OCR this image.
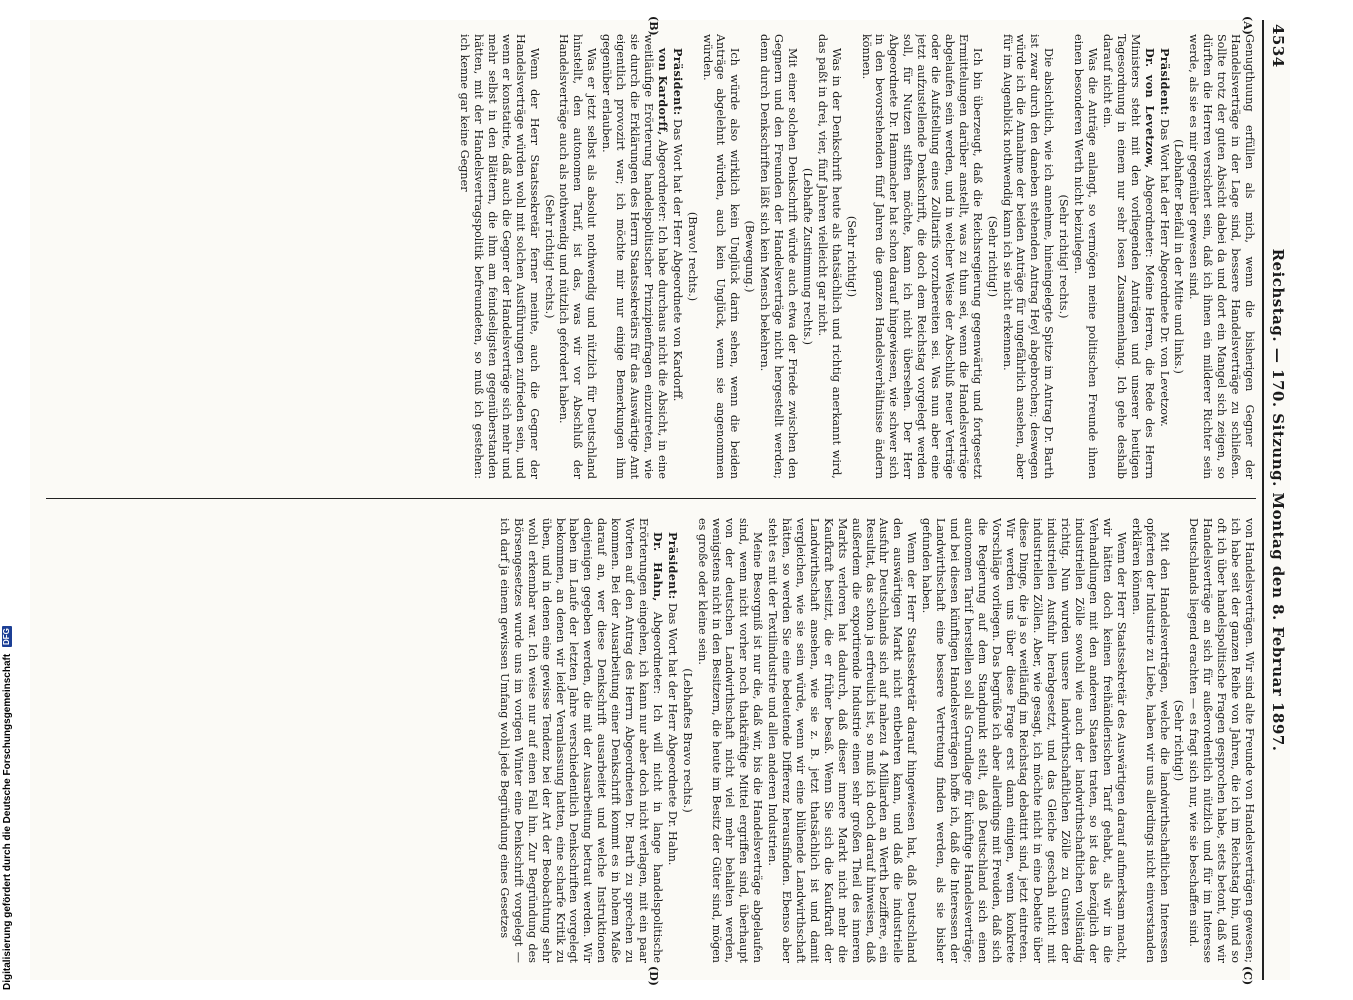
4534
Reichstag. — 170. Sitzung. Montag den 8. Februar 1897.
(A)
(B)
(C)
(D)

Genugthuung erfüllen als mich, wenn die bisherigen Gegner der Handelsverträge in der Lage sind, bessere Handelsverträge zu schließen. Sollte trotz der guten Absicht dabei da und dort ein Mangel sich zeigen, so dürften die Herren versichert sein, daß ich ihnen ein milderer Richter sein werde, als sie es mir gegenüber gewesen sind.

(Lebhafter Beifall in der Mitte und links.)

Präsident: Das Wort hat der Herr Abgeordnete Dr. von Levetzow.

Dr. von Levetzow, Abgeordneter: Meine Herren, die Rede des Herrn Ministers steht mit den vorliegenden Anträgen und unserer heutigen Tagesordnung in einem nur sehr losen Zusammenhang. Ich gehe deshalb darauf nicht ein.

Was die Anträge anlangt, so vermögen meine politischen Freunde ihnen einen besonderen Werth nicht beizulegen.

(Sehr richtig! rechts.)

Die absichtlich, wie ich annehme, hineingelegte Spitze im Antrag Dr. Barth ist zwar durch den daneben stehenden Antrag Heyl abgebrochen; deswegen würde ich die Annahme der beiden Anträge für ungefährlich ansehen, aber für im Augenblick nothwendig kann ich sie nicht erkennen.

(Sehr richtig!)

Ich bin überzeugt, daß die Reichsregierung gegenwärtig und fortgesetzt Ermittelungen darüber anstellt, was zu thun sei, wenn die Handelsverträge abgelaufen sein werden, und in welcher Weise der Abschluß neuer Verträge oder die Aufstellung eines Zolltarifs vorzubereiten sei. Was nun aber eine jetzt aufzustellende Denkschrift, die doch dem Reichstag vorgelegt werden soll, für Nutzen stiften möchte, kann ich nicht übersehen. Der Herr Abgeordnete Dr. Hammacher hat schon darauf hingewiesen, wie schwer sich in den bevorstehenden fünf Jahren die ganzen Handelsverhältnisse ändern können.

(Sehr richtig!)

Was in der Denkschrift heute als thatsächlich und richtig anerkannt wird, das paßt in drei, vier, fünf Jahren vielleicht gar nicht.

(Lebhafte Zustimmung rechts.)

Mit einer solchen Denkschrift würde auch etwa der Friede zwischen den Gegnern und den Freunden der Handelsverträge nicht hergestellt werden; denn durch Denkschriften läßt sich kein Mensch bekehren.

(Bewegung.)

Ich würde also wirklich kein Unglück darin sehen, wenn die beiden Anträge abgelehnt würden, auch kein Unglück, wenn sie angenommen würden.

(Bravo! rechts.)

Präsident: Das Wort hat der Herr Abgeordnete von Kardorff.

von Kardorff, Abgeordneter: Ich habe durchaus nicht die Absicht, in eine weitläufige Erörterung handelspolitischer Prinzipienfragen einzutreten, wie sie durch die Erklärungen des Herrn Staatssekretärs für das Auswärtige Amt eigentlich provozirt war; ich möchte mir nur einige Bemerkungen ihm gegenüber erlauben.

Was er jetzt selbst als absolut nothwendig und nützlich für Deutschland hinstellt, den autonomen Tarif, ist das, was wir vor Abschluß der Handelsverträge auch als nothwendig und nützlich gefordert haben.

(Sehr richtig! rechts.)

Wenn der Herr Staatssekretär ferner meinte, auch die Gegner der Handelsverträge würden wohl mit solchen Ausführungen zufrieden sein, und wenn er konstatirte, daß auch die Gegner der Handelsverträge sich mehr und mehr selbst in den Blättern, die ihm am feindseligsten gegenüberstanden hätten, mit der Handelsvertragspolitik befreundeten, so muß ich gestehen: ich kenne gar keine Gegner

von Handelsverträgen. Wir sind alte Freunde von Handelsverträgen gewesen; ich habe seit der ganzen Reihe von Jahren, die ich im Reichstag bin, und so oft ich über handelspolitische Fragen gesprochen habe, stets betont, daß wir Handelsverträge an sich für außerordentlich nützlich und für im Interesse Deutschlands liegend erachten — es fragt sich nur, wie sie beschaffen sind.

(Sehr richtig!)

Mit den Handelsverträgen, welche die landwirthschaftlichen Interessen opferten der Industrie zu Liebe, haben wir uns allerdings nicht einverstanden erklären können.

Wenn der Herr Staatssekretär des Auswärtigen darauf aufmerksam macht, wir hätten doch keinen freihändlerischen Tarif gehabt, als wir in die Verhandlungen mit den anderen Staaten traten, so ist das bezüglich der industriellen Zölle sowohl wie auch der landwirthschaftlichen vollständig richtig. Nun wurden unsere landwirthschaftlichen Zölle zu Gunsten der industriellen Ausfuhr herabgesetzt, und das Gleiche geschah nicht mit industriellen Zöllen. Aber, wie gesagt, ich möchte nicht in eine Debatte über diese Dinge, die ja so weitläufig im Reichstag debattirt sind, jetzt eintreten. Wir werden uns über diese Frage erst dann einigen, wenn konkrete Vorschläge vorliegen. Das begrüße ich aber allerdings mit Freuden, daß sich die Regierung auf dem Standpunkt stellt, daß Deutschland sich einen autonomen Tarif herstellen soll als Grundlage für künftige Handelsverträge; und bei diesen künftigen Handelsverträgen hoffe ich, daß die Interessen der Landwirthschaft eine bessere Vertretung finden werden, als sie bisher gefunden haben.

Wenn der Herr Staatssekretär darauf hingewiesen hat, daß Deutschland den auswärtigen Markt nicht entbehren kann, und daß die industrielle Ausfuhr Deutschlands sich auf nahezu 4 Milliarden an Werth beziffere, ein Resultat, das schon ja erfreulich ist, so muß ich doch darauf hinweisen, daß außerdem die exportirende Industrie einen sehr großen Theil des inneren Markts verloren hat dadurch, daß dieser innere Markt nicht mehr die Kaufkraft besitzt, die er früher besaß. Wenn Sie sich die Kaufkraft der Landwirthschaft ansehen, wie sie z. B. jetzt thatsächlich ist und damit vergleichen, wie sie sein würde, wenn wir eine blühende Landwirthschaft hätten, so werden Sie eine bedeutende Differenz herausfinden. Ebenso aber steht es mit der Textilindustrie und allen anderen Industrien.

Meine Besorgniß ist nur die, daß wir, bis die Handelsverträge abgelaufen sind, wenn nicht vorher noch thatkräftige Mittel ergriffen sind, überhaupt von der deutschen Landwirthschaft nicht viel mehr behalten werden, wenigstens nicht in den Besitzern, die heute im Besitz der Güter sind, mögen es große oder kleine sein.

(Lebhaftes Bravo rechts.)

Präsident: Das Wort hat der Herr Abgeordnete Dr. Hahn.

Dr. Hahn, Abgeordneter: Ich will nicht in lange handelspolitische Erörterungen eingehen, ich kann nur aber doch nicht verlagen, mit ein paar Worten auf den Antrag des Herrn Abgeordneten Dr. Barth zu sprechen zu kommen. Bei der Ausarbeitung einer Denkschrift kommt es in hohem Maße darauf an, wer diese Denkschrift ausarbeitet und welche Instruktionen denjenigen gegeben werden, die mit der Ausarbeitung betraut werden. Wir haben im Laufe der letzten Jahre verschiedentlich Denkschriften vorgelegt bekommen, an denen wir leider Veranlassung hatten, eine scharfe Kritik zu üben, und in denen eine gewisse Tendenz bei der Art der Beobachtung sehr wohl erkennbar war. Ich weise nur auf einen Fall hin. Zur Begründung des Börsengesetzes wurde uns im vorigen Winter eine Denkschrift vorgelegt — ich darf ja einem gewissen Umfang wohl jede Begründung eines Gesetzes

Digitalisierung gefördert durch die Deutsche Forschungsgemeinschaft DFG
